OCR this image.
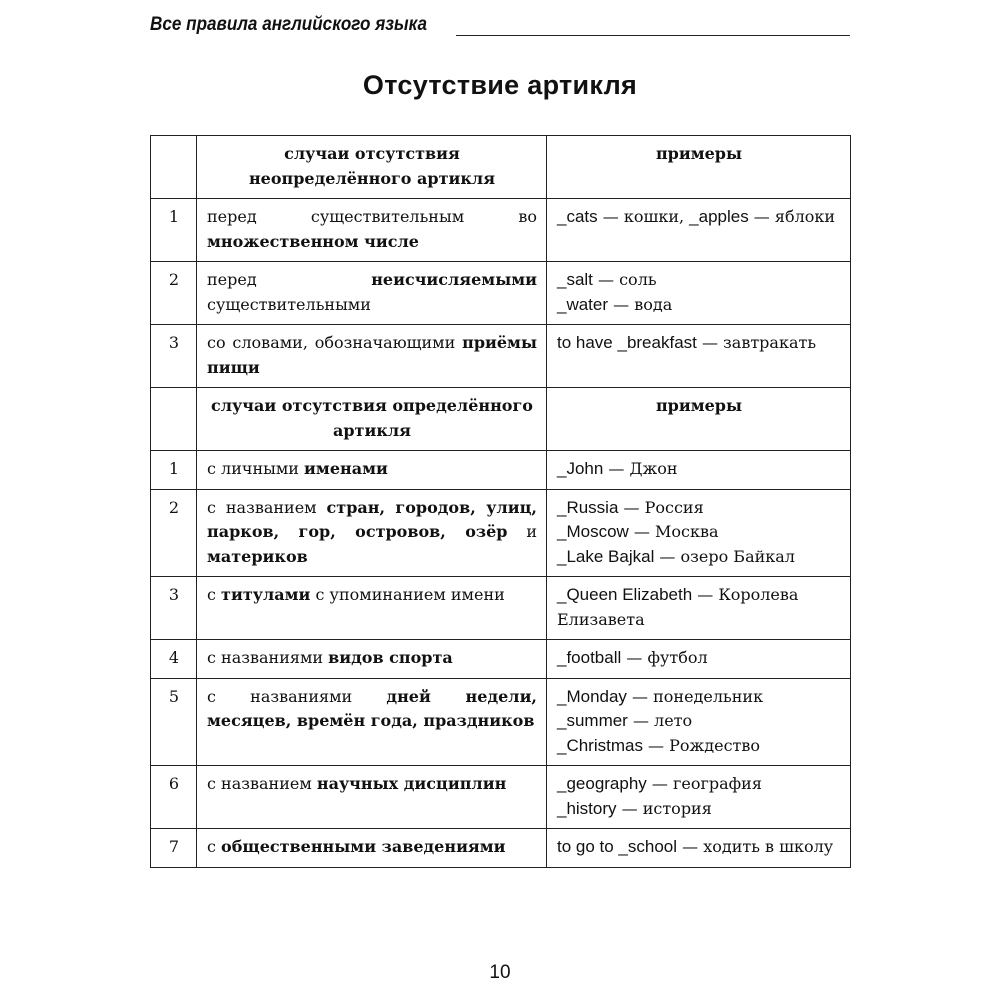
Все правила английского языка
Отсутствие артикля
	случаи отсутствия неопределённого артикля	примеры
1	перед существительным во множественном числе	_cats — кошки, _apples — яблоки

2	перед неисчисляемыми существительными	_salt — соль
_water — вода

3	со словами, обозначающими приёмы пищи	to have _breakfast — завтракать

	случаи отсутствия определённого артикля	примеры
1	с личными именами	_John — Джон

2	с названием стран, городов, улиц, парков, гор, островов, озёр и материков	_Russia — Россия
_Moscow — Москва
_Lake Bajkal — озеро Байкал

3	с титулами с упоминанием имени	_Queen Elizabeth — Королева Елизавета

4	с названиями видов спорта	_football — футбол

5	с названиями дней недели, месяцев, времён года, праздников	_Monday — понедельник
_summer — лето
_Christmas — Рождество

6	с названием научных дисциплин	_geography — география
_history — история

7	с общественными заведениями	to go to _school — ходить в школу
10
